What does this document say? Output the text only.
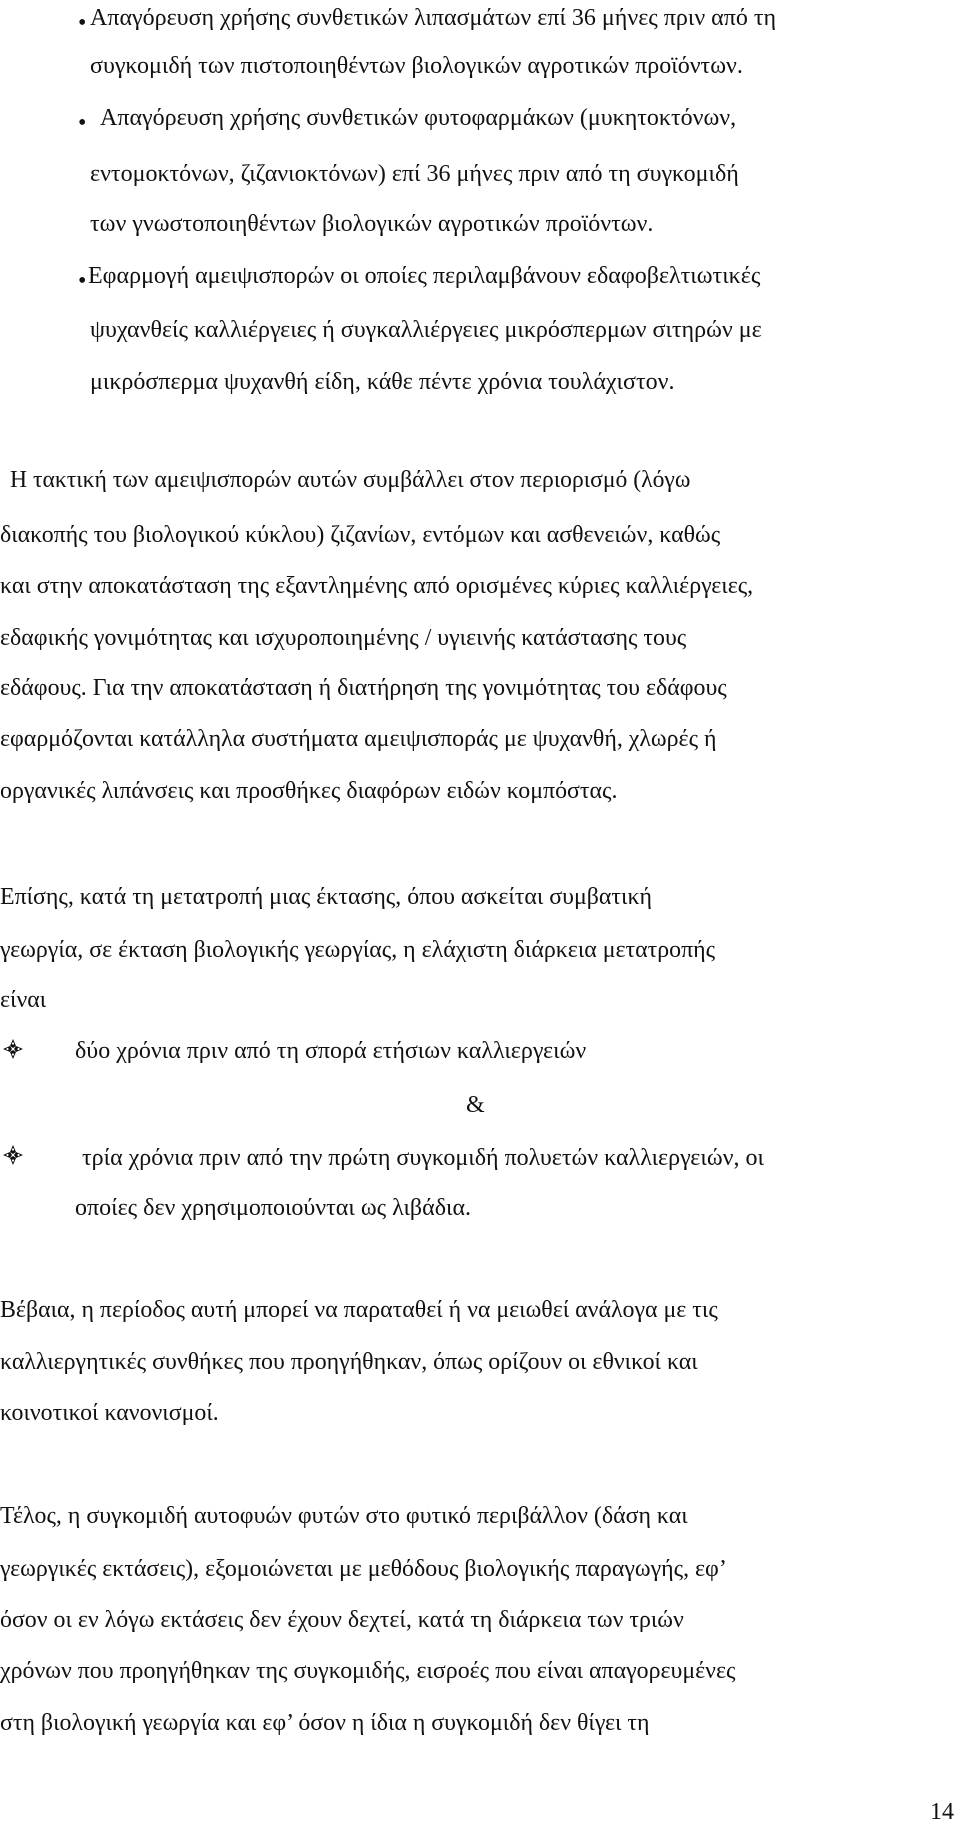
• Απαγόρευση χρήσης συνθετικών λιπασμάτων επί 36 μήνες πριν από τη
συγκομιδή των πιστοποιηθέντων βιολογικών αγροτικών προϊόντων.
• Απαγόρευση χρήσης συνθετικών φυτοφαρμάκων (μυκητοκτόνων,
εντομοκτόνων, ζιζανιοκτόνων) επί 36 μήνες πριν από τη συγκομιδή
των γνωστοποιηθέντων βιολογικών αγροτικών προϊόντων.
• Εφαρμογή αμειψισπορών οι οποίες περιλαμβάνουν εδαφοβελτιωτικές
ψυχανθείς καλλιέργειες ή συγκαλλιέργειες μικρόσπερμων σιτηρών με
μικρόσπερμα ψυχανθή είδη, κάθε πέντε χρόνια τουλάχιστον.
Η τακτική των αμειψισπορών αυτών συμβάλλει στον περιορισμό (λόγω
διακοπής του βιολογικού κύκλου) ζιζανίων, εντόμων και ασθενειών, καθώς
και στην αποκατάσταση της εξαντλημένης από ορισμένες κύριες καλλιέργειες,
εδαφικής γονιμότητας και ισχυροποιημένης / υγιεινής κατάστασης τους
εδάφους. Για την αποκατάσταση ή διατήρηση της γονιμότητας του εδάφους
εφαρμόζονται κατάλληλα συστήματα αμειψισποράς με ψυχανθή, χλωρές ή
οργανικές λιπάνσεις και προσθήκες διαφόρων ειδών κομπόστας.
Επίσης, κατά τη μετατροπή μιας έκτασης, όπου ασκείται συμβατική
γεωργία, σε έκταση βιολογικής γεωργίας, η ελάχιστη διάρκεια μετατροπής
είναι
δύο χρόνια πριν από τη σπορά ετήσιων καλλιεργειών
&
τρία χρόνια πριν από την πρώτη συγκομιδή πολυετών καλλιεργειών, οι
οποίες δεν χρησιμοποιούνται ως λιβάδια.
Βέβαια, η περίοδος αυτή μπορεί να παραταθεί ή να μειωθεί ανάλογα με τις
καλλιεργητικές συνθήκες που προηγήθηκαν, όπως ορίζουν οι εθνικοί και
κοινοτικοί κανονισμοί.
Τέλος, η συγκομιδή αυτοφυών φυτών στο φυτικό περιβάλλον (δάση και
γεωργικές εκτάσεις), εξομοιώνεται με μεθόδους βιολογικής παραγωγής, εφ’
όσον οι εν λόγω εκτάσεις δεν έχουν δεχτεί, κατά τη διάρκεια των τριών
χρόνων που προηγήθηκαν της συγκομιδής, εισροές που είναι απαγορευμένες
στη βιολογική γεωργία και εφ’ όσον η ίδια η συγκομιδή δεν θίγει τη
14
